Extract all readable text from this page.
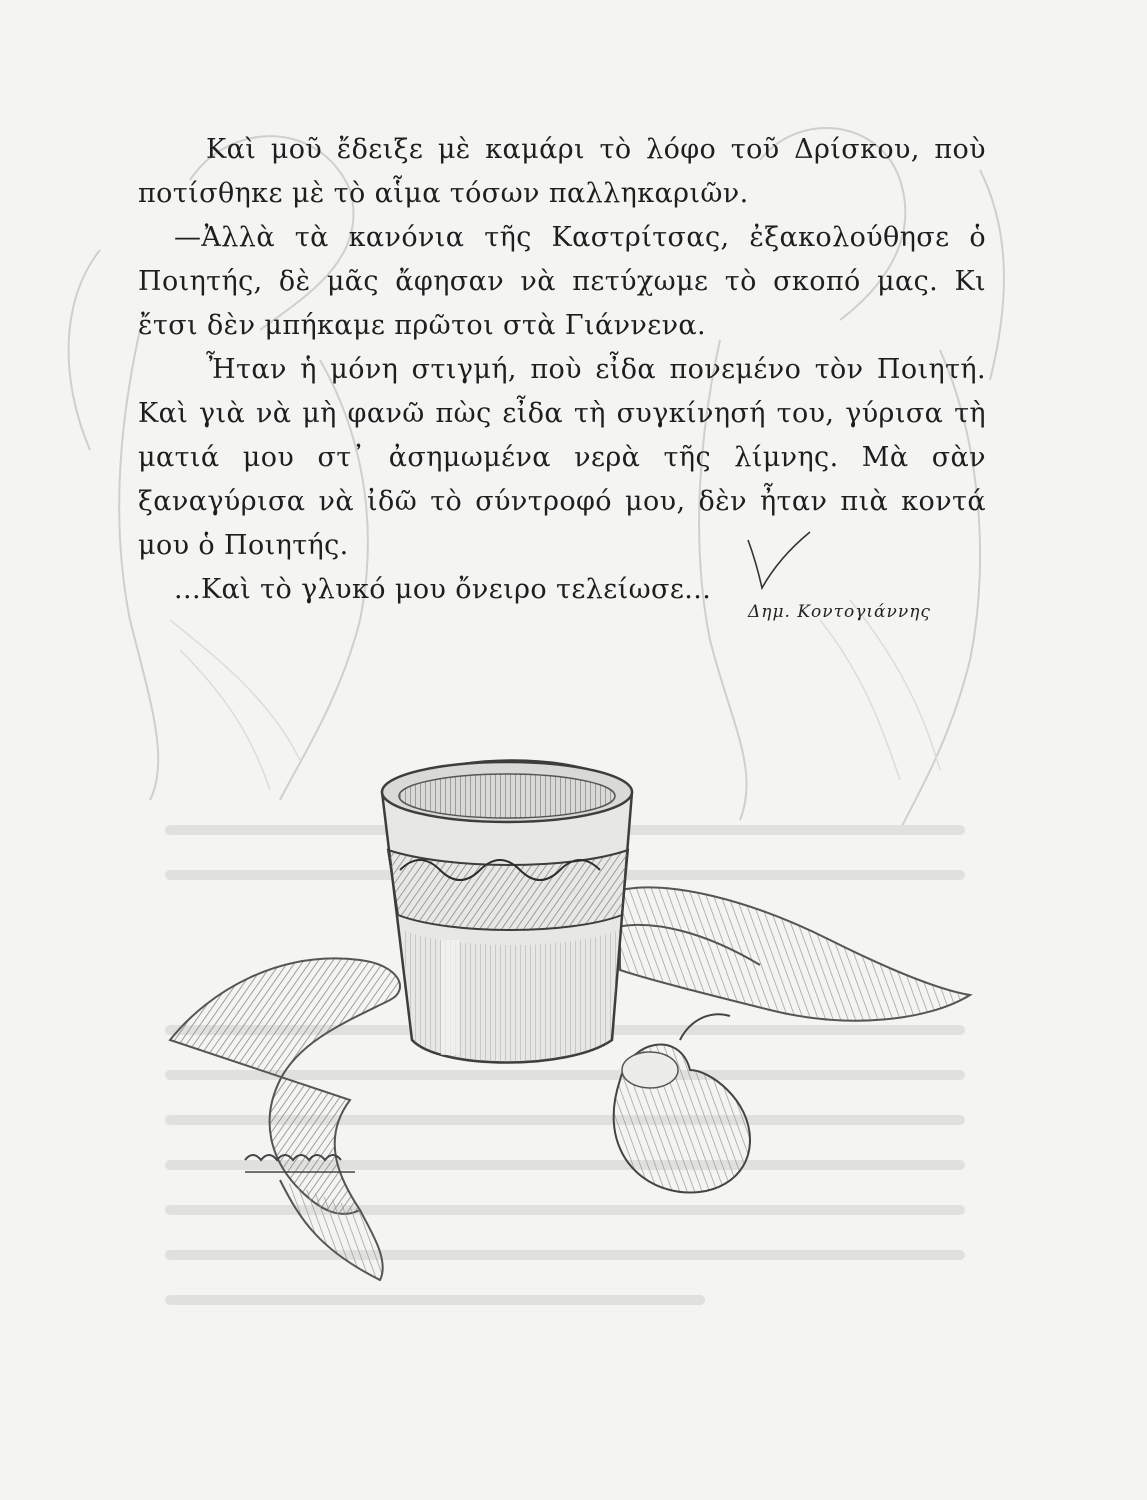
Καὶ μοῦ ἔδειξε μὲ καμάρι τὸ λόφο τοῦ Δρίσκου, ποὺ ποτίσθηκε μὲ τὸ αἷμα τόσων παλληκαριῶν.

—Ἀλλὰ τὰ κανόνια τῆς Καστρίτσας, ἐξακολούθησε ὁ Ποιητής, δὲ μᾶς ἄφησαν νὰ πετύχωμε τὸ σκοπό μας. Κι ἔτσι δὲν μπήκαμε πρῶτοι στὰ Γιάννενα.

Ἦταν ἡ μόνη στιγμή, ποὺ εἶδα πονεμένο τὸν Ποιητή. Καὶ γιὰ νὰ μὴ φανῶ πὼς εἶδα τὴ συγκίνησή του, γύρισα τὴ ματιά μου στ᾽ ἀσημωμένα νερὰ τῆς λίμνης. Μὰ σὰν ξαναγύρισα νὰ ἰδῶ τὸ σύντροφό μου, δὲν ἦταν πιὰ κοντά μου ὁ Ποιητής.

...Καὶ τὸ γλυκό μου ὄνειρο τελείωσε...

Δημ. Κοντογιάννης
